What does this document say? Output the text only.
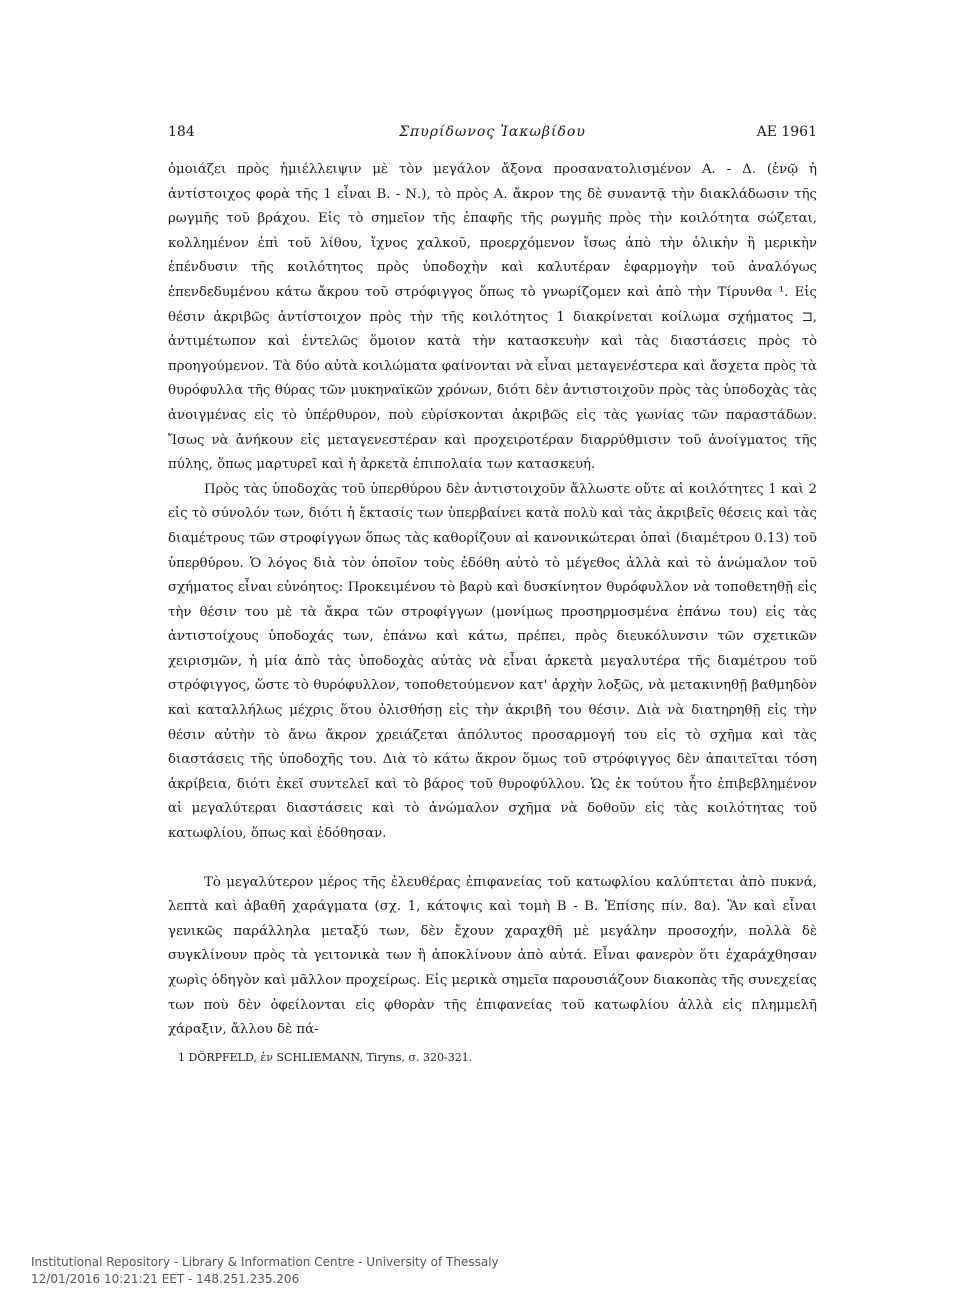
184	Σπυρίδωνος Ἰακωβίδου	ΑΕ 1961

ὁμοιάζει πρὸς ἡμιέλλειψιν μὲ τὸν μεγάλον ἄξονα προσανατολισμένον Α. - Δ. (ἐνῷ ἡ ἀντίστοιχος φορὰ τῆς 1 εἶναι Β. - Ν.), τὸ πρὸς Α. ἄκρον της δὲ συναντᾷ τὴν διακλάδωσιν τῆς ρωγμῆς τοῦ βράχου. Εἰς τὸ σημεῖον τῆς ἐπαφῆς τῆς ρωγμῆς πρὸς τὴν κοιλότητα σώζεται, κολλημένον ἐπὶ τοῦ λίθου, ἴχνος χαλκοῦ, προερχόμενον ἴσως ἀπὸ τὴν ὁλικὴν ἢ μερικὴν ἐπένδυσιν τῆς κοιλότητος πρὸς ὑποδοχὴν καὶ καλυτέραν ἐφαρμογὴν τοῦ ἀναλόγως ἐπενδεδυμένου κάτω ἄκρου τοῦ στρόφιγγος ὅπως τὸ γνωρίζομεν καὶ ἀπὸ τὴν Τίρυνθα ¹. Εἰς θέσιν ἀκριβῶς ἀντίστοιχον πρὸς τὴν τῆς κοιλότητος 1 διακρίνεται κοίλωμα σχήματος ⊐, ἀντιμέτωπον καὶ ἐντελῶς ὅμοιον κατὰ τὴν κατασκευὴν καὶ τὰς διαστάσεις πρὸς τὸ προηγούμενον. Τὰ δύο αὐτὰ κοιλώματα φαίνονται νὰ εἶναι μεταγενέστερα καὶ ἄσχετα πρὸς τὰ θυρόφυλλα τῆς θύρας τῶν μυκηναϊκῶν χρόνων, διότι δὲν ἀντιστοιχοῦν πρὸς τὰς ὑποδοχὰς τὰς ἀνοιγμένας εἰς τὸ ὑπέρθυρον, ποὺ εὑρίσκονται ἀκριβῶς εἰς τὰς γωνίας τῶν παραστάδων. Ἴσως νὰ ἀνήκουν εἰς μεταγενεστέραν καὶ προχειροτέραν διαρρύθμισιν τοῦ ἀνοίγματος τῆς πύλης, ὅπως μαρτυρεῖ καὶ ἡ ἀρκετὰ ἐπιπολαία των κατασκευή.

Πρὸς τὰς ὑποδοχὰς τοῦ ὑπερθύρου δὲν ἀντιστοιχοῦν ἄλλωστε οὔτε αἱ κοιλότητες 1 καὶ 2 εἰς τὸ σύνολόν των, διότι ἡ ἔκτασίς των ὑπερβαίνει κατὰ πολὺ καὶ τὰς ἀκριβεῖς θέσεις καὶ τὰς διαμέτρους τῶν στροφίγγων ὅπως τὰς καθορίζουν αἱ κανονικώτεραι ὀπαὶ (διαμέτρου 0.13) τοῦ ὑπερθύρου. Ὁ λόγος διὰ τὸν ὁποῖον τοὺς ἐδόθη αὐτὸ τὸ μέγεθος ἀλλὰ καὶ τὸ ἀνώμαλον τοῦ σχήματος εἶναι εὐνόητος: Προκειμένου τὸ βαρὺ καὶ δυσκίνητον θυρόφυλλον νὰ τοποθετηθῇ εἰς τὴν θέσιν του μὲ τὰ ἄκρα τῶν στροφίγγων (μονίμως προσηρμοσμένα ἐπάνω του) εἰς τὰς ἀντιστοίχους ὑποδοχάς των, ἐπάνω καὶ κάτω, πρέπει, πρὸς διευκόλυνσιν τῶν σχετικῶν χειρισμῶν, ἡ μία ἀπὸ τὰς ὑποδοχὰς αὐτὰς νὰ εἶναι ἀρκετὰ μεγαλυτέρα τῆς διαμέτρου τοῦ στρόφιγγος, ὥστε τὸ θυρόφυλλον, τοποθετούμενον κατ' ἀρχὴν λοξῶς, νὰ μετακινηθῇ βαθμηδὸν καὶ καταλλήλως μέχρις ὅτου ὀλισθήσῃ εἰς τὴν ἀκριβῆ του θέσιν. Διὰ νὰ διατηρηθῇ εἰς τὴν θέσιν αὐτὴν τὸ ἄνω ἄκρον χρειάζεται ἀπόλυτος προσαρμογή του εἰς τὸ σχῆμα καὶ τὰς διαστάσεις τῆς ὑποδοχῆς του. Διὰ τὸ κάτω ἄκρον ὅμως τοῦ στρόφιγγος δὲν ἀπαιτεῖται τόση ἀκρίβεια, διότι ἐκεῖ συντελεῖ καὶ τὸ βάρος τοῦ θυροφύλλου. Ὡς ἐκ τούτου ἦτο ἐπιβεβλημένον αἱ μεγαλύτεραι διαστάσεις καὶ τὸ ἀνώμαλον σχῆμα νὰ δοθοῦν εἰς τὰς κοιλότητας τοῦ κατωφλίου, ὅπως καὶ ἐδόθησαν.

Τὸ μεγαλύτερον μέρος τῆς ἐλευθέρας ἐπιφανείας τοῦ κατωφλίου καλύπτεται ἀπὸ πυκνά, λεπτὰ καὶ ἀβαθῆ χαράγματα (σχ. 1, κάτοψις καὶ τομὴ Β - Β. Ἐπίσης πίν. 8α). Ἂν καὶ εἶναι γενικῶς παράλληλα μεταξύ των, δὲν ἔχουν χαραχθῆ μὲ μεγάλην προσοχήν, πολλὰ δὲ συγκλίνουν πρὸς τὰ γειτονικὰ των ἢ ἀποκλίνουν ἀπὸ αὐτά. Εἶναι φανερὸν ὅτι ἐχαράχθησαν χωρὶς ὁδηγὸν καὶ μᾶλλον προχείρως. Εἰς μερικὰ σημεῖα παρουσιάζουν διακοπὰς τῆς συνεχείας των ποὺ δὲν ὀφείλονται εἰς φθορὰν τῆς ἐπιφανείας τοῦ κατωφλίου ἀλλὰ εἰς πλημμελῆ χάραξιν, ἄλλου δὲ πά-

1 DÖRPFELD, ἐν SCHLIEMANN, Tiryns, σ. 320-321.
Institutional Repository - Library & Information Centre - University of Thessaly
12/01/2016 10:21:21 EET - 148.251.235.206
